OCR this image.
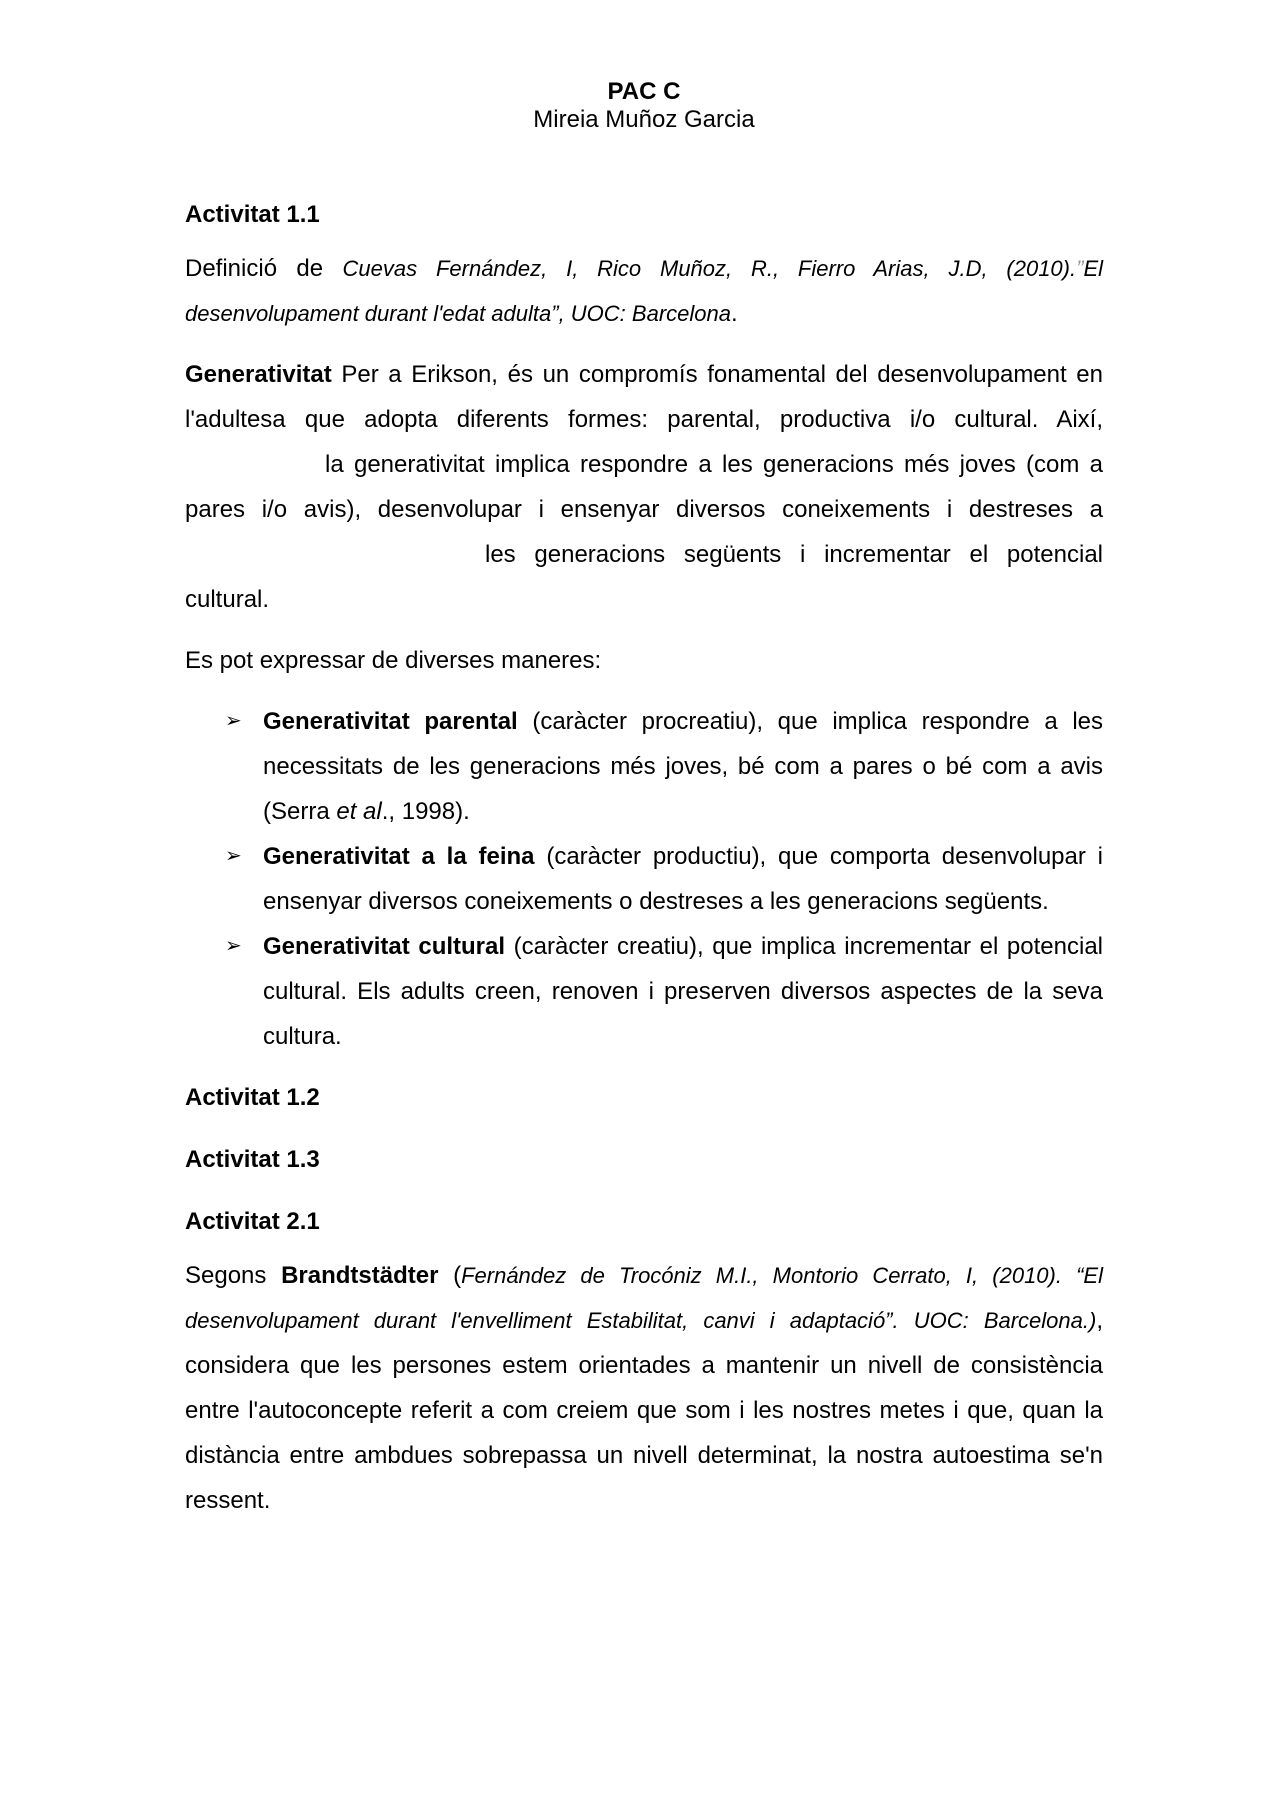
PAC C
Mireia Muñoz Garcia
Activitat 1.1

Definició de Cuevas Fernández, I, Rico Muñoz, R., Fierro Arias, J.D, (2010).”El desenvolupament durant l'edat adulta”, UOC: Barcelona.

Generativitat Per a Erikson, és un compromís fonamental del desenvolupament en l'adultesa que adopta diferents formes: parental, productiva i/o cultural. Així, la generativitat implica respondre a les generacions més joves (com a pares i/o avis), desenvolupar i ensenyar diversos coneixements i destreses a les generacions següents i incrementar el potencial cultural.

Es pot expressar de diverses maneres:

➢ Generativitat parental (caràcter procreatiu), que implica respondre a les necessitats de les generacions més joves, bé com a pares o bé com a avis (Serra et al., 1998).
➢ Generativitat a la feina (caràcter productiu), que comporta desenvolupar i ensenyar diversos coneixements o destreses a les generacions següents.
➢ Generativitat cultural (caràcter creatiu), que implica incrementar el potencial cultural. Els adults creen, renoven i preserven diversos aspectes de la seva cultura.
Activitat 1.2
Activitat 1.3
Activitat 2.1

Segons Brandtstädter (Fernández de Trocóniz M.I., Montorio Cerrato, I, (2010). “El desenvolupament durant l'envelliment Estabilitat, canvi i adaptació”. UOC: Barcelona.), considera que les persones estem orientades a mantenir un nivell de consistència entre l'autoconcepte referit a com creiem que som i les nostres metes i que, quan la distància entre ambdues sobrepassa un nivell determinat, la nostra autoestima se'n ressent.
